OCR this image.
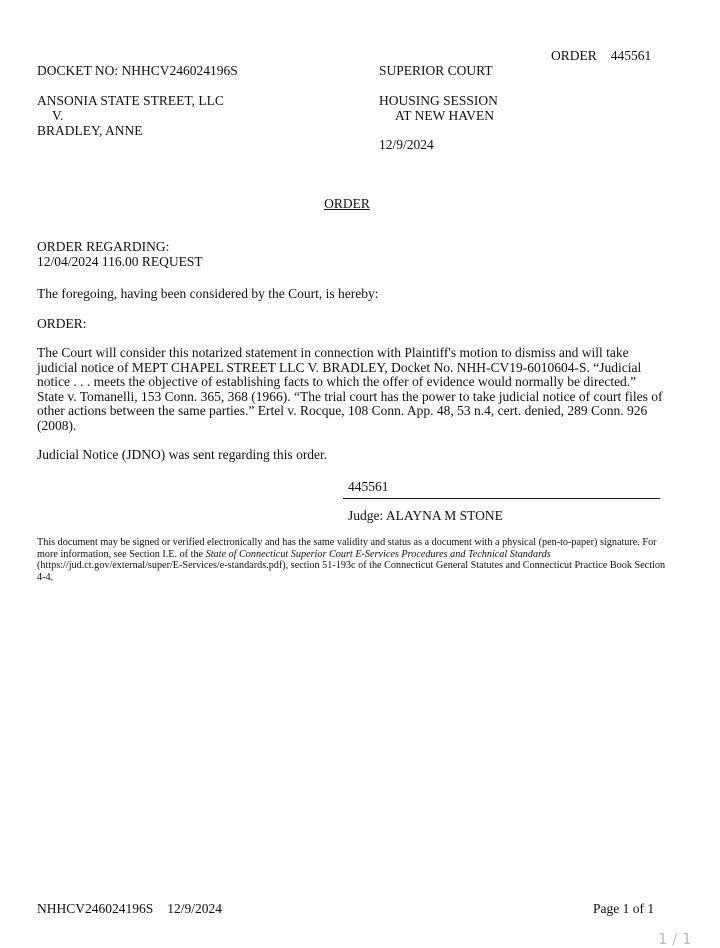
ORDER 445561
DOCKET NO: NHHCV246024196S	SUPERIOR COURT
ANSONIA STATE STREET, LLC
V.
BRADLEY, ANNE
HOUSING SESSION
AT NEW HAVEN
12/9/2024
ORDER
ORDER REGARDING:
12/04/2024 116.00 REQUEST
The foregoing, having been considered by the Court, is hereby:
ORDER:
The Court will consider this notarized statement in connection with Plaintiff's motion to dismiss and will take judicial notice of MEPT CHAPEL STREET LLC V. BRADLEY, Docket No. NHH-CV19-6010604-S. “Judicial notice . . . meets the objective of establishing facts to which the offer of evidence would normally be directed.” State v. Tomanelli, 153 Conn. 365, 368 (1966). “The trial court has the power to take judicial notice of court files of other actions between the same parties.” Ertel v. Rocque, 108 Conn. App. 48, 53 n.4, cert. denied, 289 Conn. 926 (2008).
Judicial Notice (JDNO) was sent regarding this order.
445561
Judge: ALAYNA M STONE
This document may be signed or verified electronically and has the same validity and status as a document with a physical (pen-to-paper) signature. For more information, see Section I.E. of the State of Connecticut Superior Court E-Services Procedures and Technical Standards (https://jud.ct.gov/external/super/E-Services/e-standards.pdf), section 51-193c of the Connecticut General Statutes and Connecticut Practice Book Section 4-4.
NHHCV246024196S 12/9/2024	Page 1 of 1
1 / 1
